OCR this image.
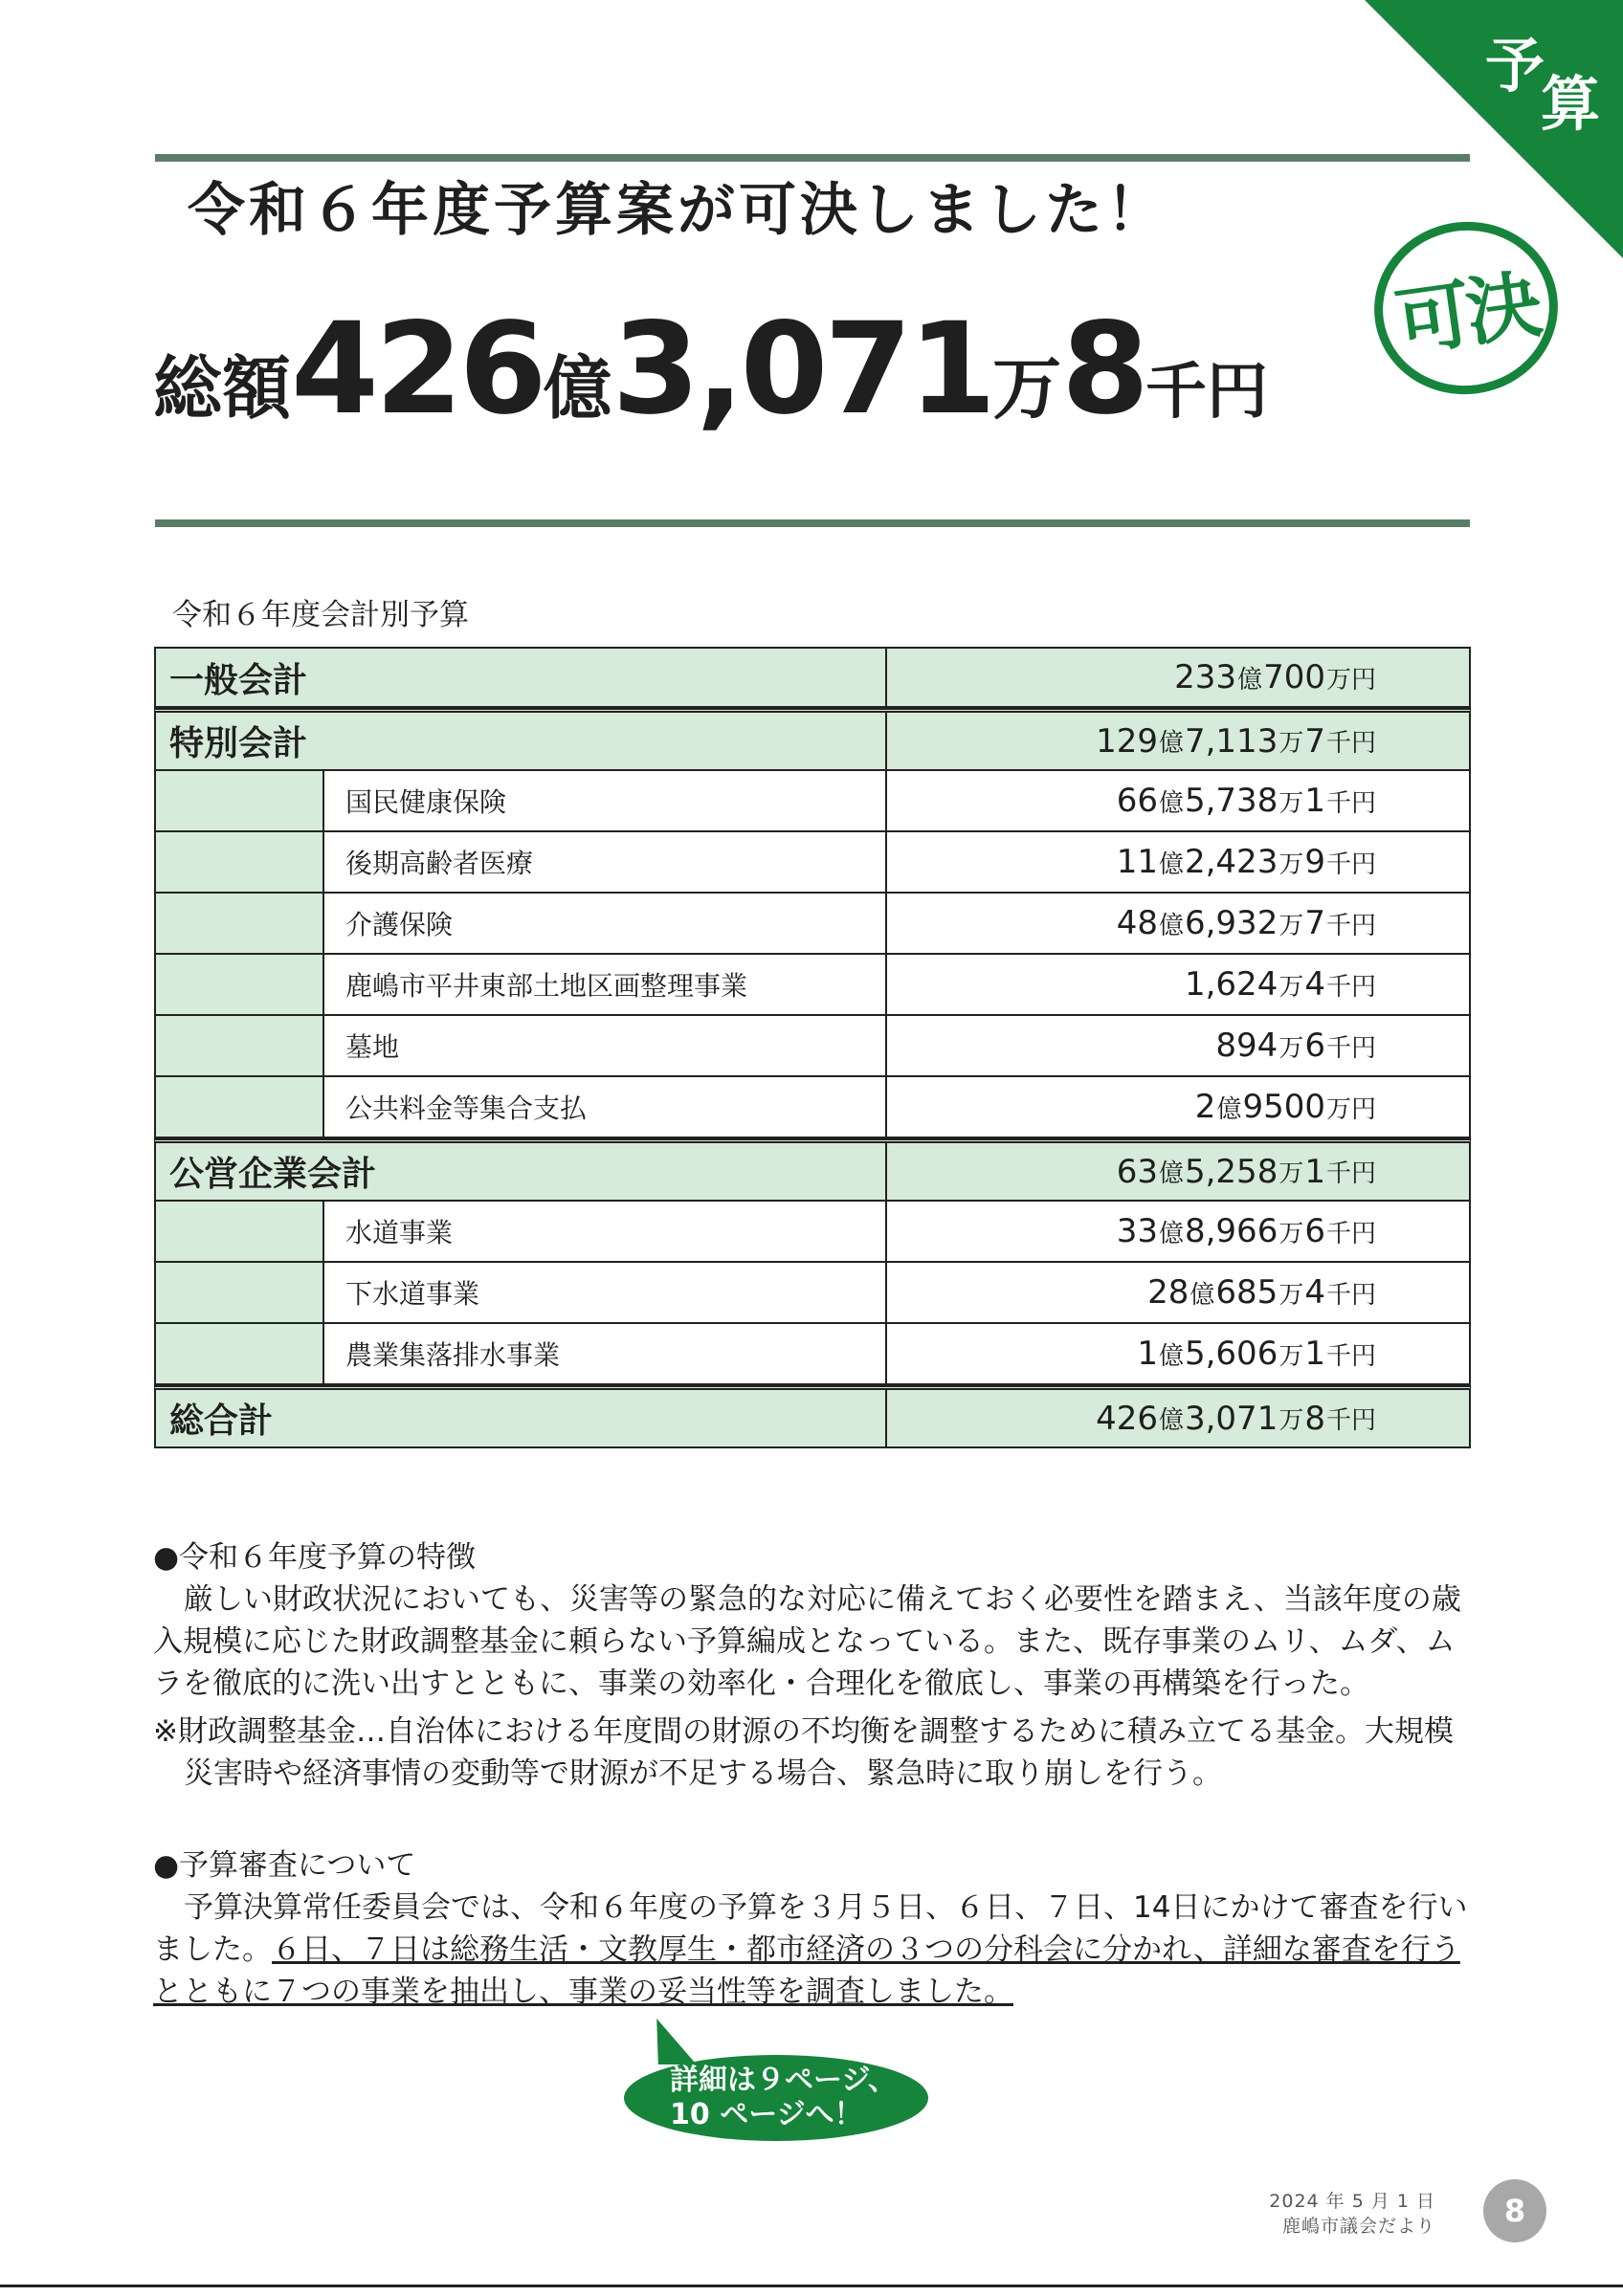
予
算
令和６年度予算案が可決しました！
総額426億3,071万8千円
可決
令和６年度会計別予算
一般会計	233 億 700 万円
特別会計	129 億 7,113 万 7 千円
国民健康保険	66 億 5,738 万 1 千円
後期高齢者医療	11 億 2,423 万 9 千円
介護保険	48 億 6,932 万 7 千円
鹿嶋市平井東部土地区画整理事業	1,624 万 4 千円
墓地	894 万 6 千円
公共料金等集合支払	2 億 9500 万円
公営企業会計	63 億 5,258 万 1 千円
水道事業	33 億 8,966 万 6 千円
下水道事業	28 億 685 万 4 千円
農業集落排水事業	1 億 5,606 万 1 千円
総合計	426 億 3,071 万 8 千円
●令和６年度予算の特徴

厳しい財政状況においても、災害等の緊急的な対応に備えておく必要性を踏まえ、当該年度の歳入規模に応じた財政調整基金に頼らない予算編成となっている。また、既存事業のムリ、ムダ、ムラを徹底的に洗い出すとともに、事業の効率化・合理化を徹底し、事業の再構築を行った。

※財政調整基金…自治体における年度間の財源の不均衡を調整するために積み立てる基金。大規模災害時や経済事情の変動等で財源が不足する場合、緊急時に取り崩しを行う。
●予算審査について

予算決算常任委員会では、令和６年度の予算を３月５日、６日、７日、14日にかけて審査を行いました。６日、７日は総務生活・文教厚生・都市経済の３つの分科会に分かれ、詳細な審査を行うとともに７つの事業を抽出し、事業の妥当性等を調査しました。

詳細は９ページ、
10 ページへ！
2024 年 5 月 1 日
鹿嶋市議会だより	8
